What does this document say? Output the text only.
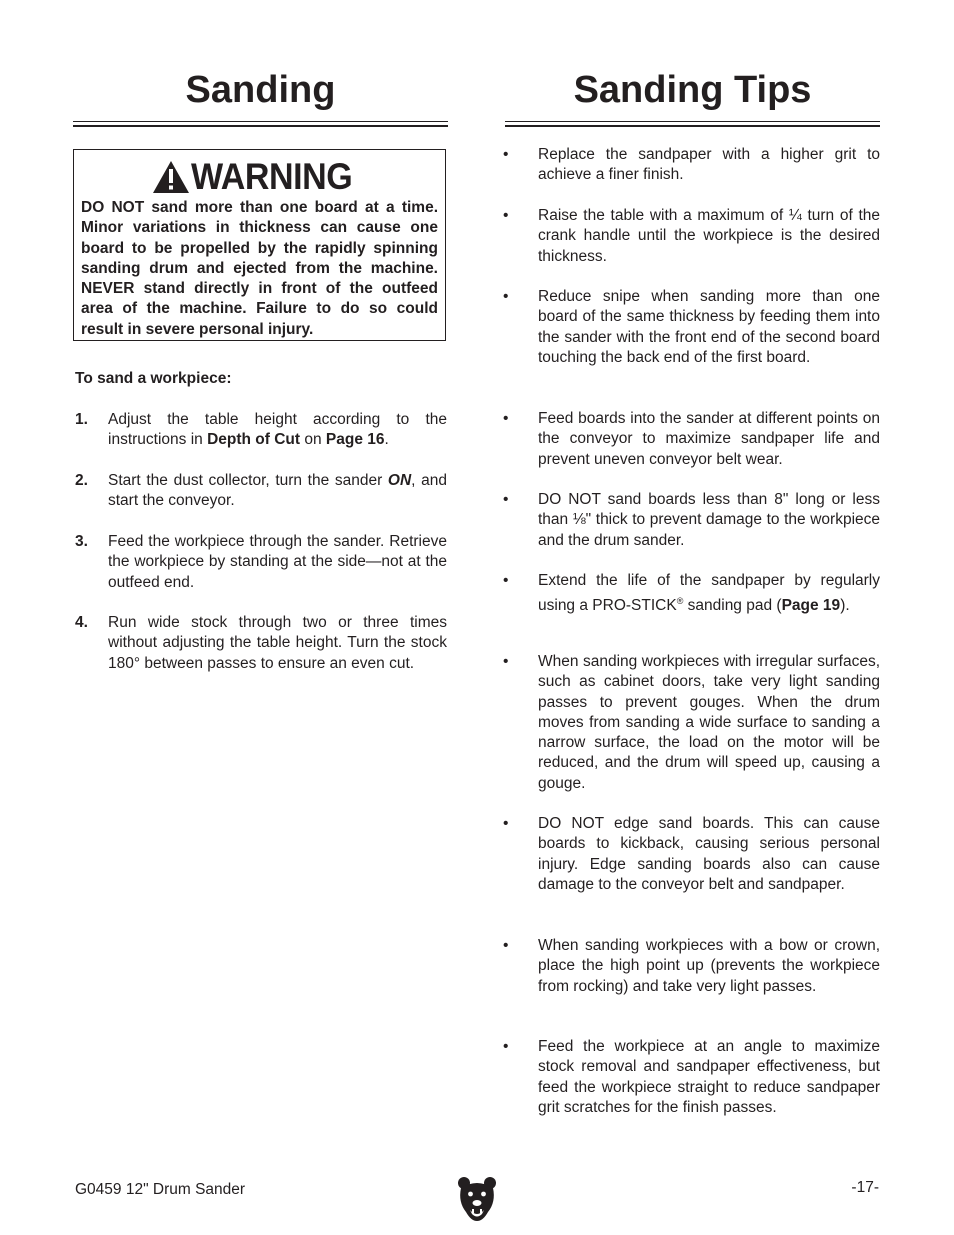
Sanding
WARNING
DO NOT sand more than one board at a time. Minor variations in thickness can cause one board to be propelled by the rapidly spinning sanding drum and ejected from the machine. NEVER stand directly in front of the outfeed area of the machine. Failure to do so could result in severe personal injury.
To sand a workpiece:
1. Adjust the table height according to the instructions in Depth of Cut on Page 16.
2. Start the dust collector, turn the sander ON, and start the conveyor.
3. Feed the workpiece through the sander. Retrieve the workpiece by standing at the side—not at the outfeed end.
4. Run wide stock through two or three times without adjusting the table height. Turn the stock 180° between passes to ensure an even cut.
Sanding Tips
• Replace the sandpaper with a higher grit to achieve a finer finish.
• Raise the table with a maximum of ¼ turn of the crank handle until the workpiece is the desired thickness.
• Reduce snipe when sanding more than one board of the same thickness by feeding them into the sander with the front end of the second board touching the back end of the first board.
• Feed boards into the sander at different points on the conveyor to maximize sandpaper life and prevent uneven conveyor belt wear.
• DO NOT sand boards less than 8" long or less than ⅛" thick to prevent damage to the workpiece and the drum sander.
• Extend the life of the sandpaper by regularly using a PRO-STICK® sanding pad (Page 19).
• When sanding workpieces with irregular surfaces, such as cabinet doors, take very light sanding passes to prevent gouges. When the drum moves from sanding a wide surface to sanding a narrow surface, the load on the motor will be reduced, and the drum will speed up, causing a gouge.
• DO NOT edge sand boards. This can cause boards to kickback, causing serious personal injury. Edge sanding boards also can cause damage to the conveyor belt and sandpaper.
• When sanding workpieces with a bow or crown, place the high point up (prevents the workpiece from rocking) and take very light passes.
• Feed the workpiece at an angle to maximize stock removal and sandpaper effectiveness, but feed the workpiece straight to reduce sandpaper grit scratches for the finish passes.
G0459 12" Drum Sander	-17-
